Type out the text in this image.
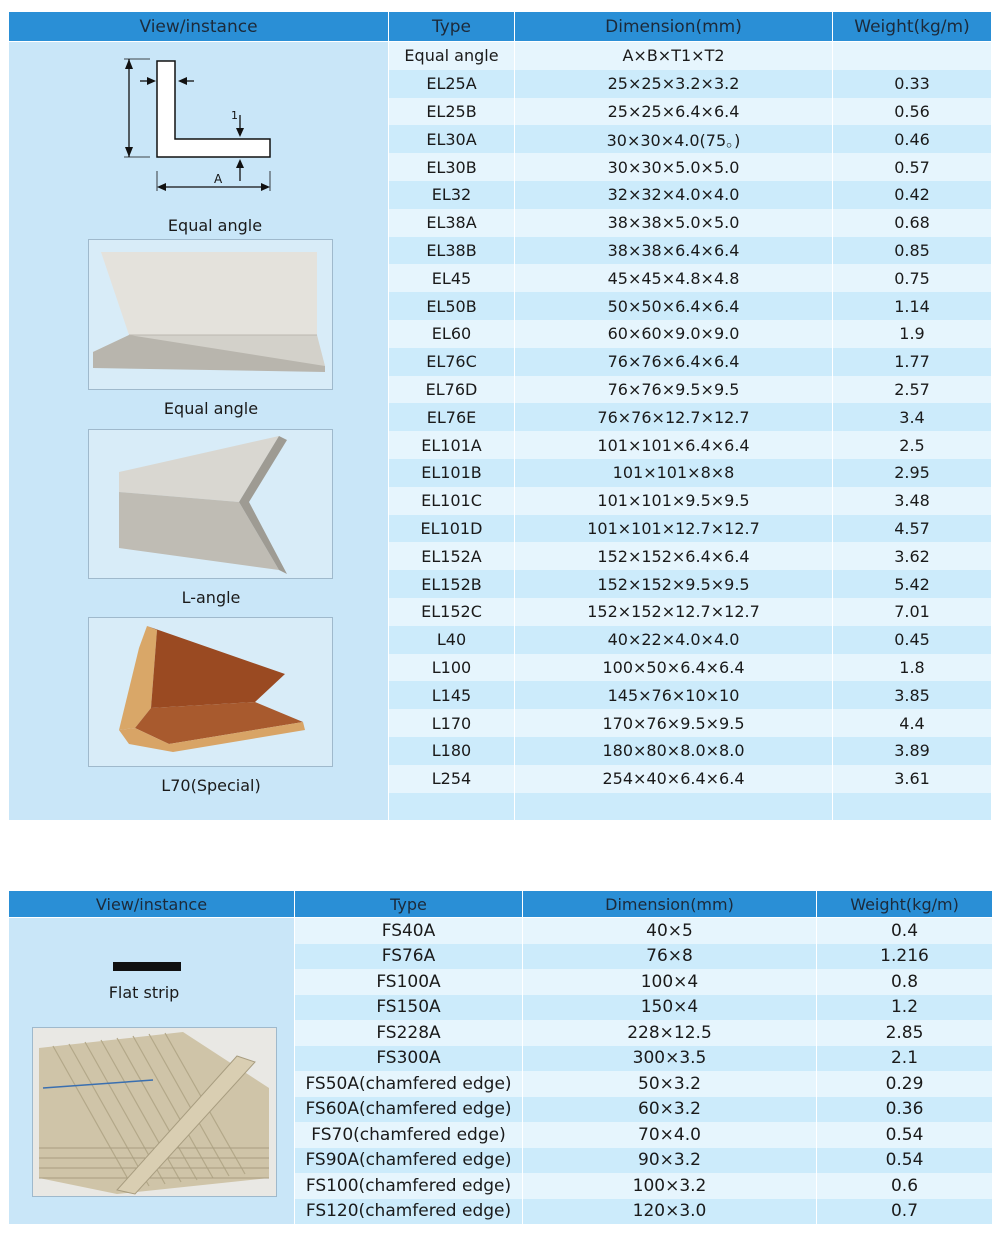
View/instance	Type	Dimension(mm)	Weight(kg/m)
	Equal angle	A×B×T1×T2	
	EL25A	25×25×3.2×3.2	0.33
	EL25B	25×25×6.4×6.4	0.56
	EL30A	30×30×4.0(75。)	0.46
	EL30B	30×30×5.0×5.0	0.57
	EL32	32×32×4.0×4.0	0.42
	EL38A	38×38×5.0×5.0	0.68
	EL38B	38×38×6.4×6.4	0.85
	EL45	45×45×4.8×4.8	0.75
	EL50B	50×50×6.4×6.4	1.14
	EL60	60×60×9.0×9.0	1.9
	EL76C	76×76×6.4×6.4	1.77
	EL76D	76×76×9.5×9.5	2.57
	EL76E	76×76×12.7×12.7	3.4
	EL101A	101×101×6.4×6.4	2.5
	EL101B	101×101×8×8	2.95
	EL101C	101×101×9.5×9.5	3.48
	EL101D	101×101×12.7×12.7	4.57
	EL152A	152×152×6.4×6.4	3.62
	EL152B	152×152×9.5×9.5	5.42
	EL152C	152×152×12.7×12.7	7.01
	L40	40×22×4.0×4.0	0.45
	L100	100×50×6.4×6.4	1.8
	L145	145×76×10×10	3.85
	L170	170×76×9.5×9.5	4.4
	L180	180×80×8.0×8.0	3.89
	L254	254×40×6.4×6.4	3.61

1
A
Equal angle
Equal angle
L-angle
L70(Special)
View/instance	Type	Dimension(mm)	Weight(kg/m)
	FS40A	40×5	0.4
	FS76A	76×8	1.216
	FS100A	100×4	0.8
	FS150A	150×4	1.2
	FS228A	228×12.5	2.85
	FS300A	300×3.5	2.1
	FS50A(chamfered edge)	50×3.2	0.29
	FS60A(chamfered edge)	60×3.2	0.36
	FS70(chamfered edge)	70×4.0	0.54
	FS90A(chamfered edge)	90×3.2	0.54
	FS100(chamfered edge)	100×3.2	0.6
	FS120(chamfered edge)	120×3.0	0.7
Flat strip
